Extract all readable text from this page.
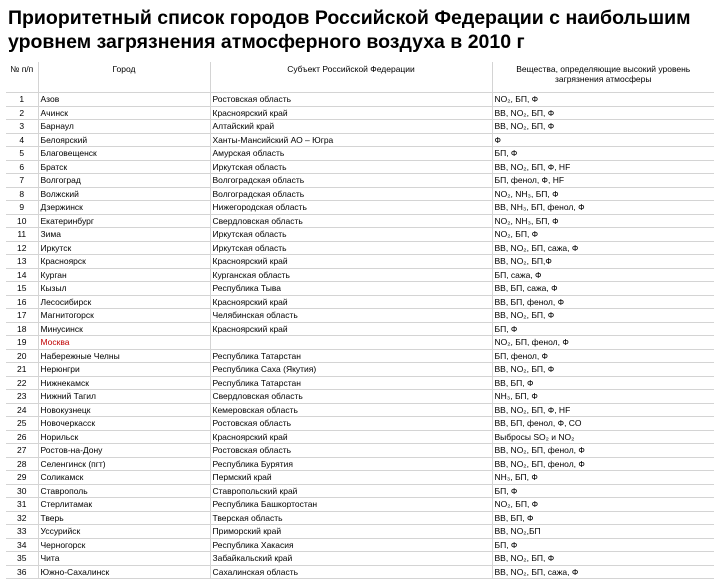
Приоритетный список городов Российской Федерации с наибольшим уровнем загрязнения атмосферного воздуха в 2010 г
№ п/п	Город	Субъект Российской Федерации	Вещества, определяющие высокий уровень загрязнения атмосферы
1	Азов	Ростовская область	NO₂, БП, Ф
2	Ачинск	Красноярский край	ВВ, NO₂, БП, Ф
3	Барнаул	Алтайский край	ВВ, NO₂, БП, Ф
4	Белоярский	Ханты-Мансийский АО – Югра	Ф
5	Благовещенск	Амурская область	БП, Ф
6	Братск	Иркутская область	ВВ, NO₂, БП, Ф, HF
7	Волгоград	Волгоградская область	БП, фенол, Ф, HF
8	Волжский	Волгоградская область	NO₂, NH₃, БП, Ф
9	Дзержинск	Нижегородская область	ВВ, NH₃, БП, фенол, Ф
10	Екатеринбург	Свердловская область	NO₂, NH₃, БП, Ф
11	Зима	Иркутская область	NO₂, БП, Ф
12	Иркутск	Иркутская область	ВВ, NO₂, БП, сажа, Ф
13	Красноярск	Красноярский край	ВВ, NO₂, БП,Ф
14	Курган	Курганская область	БП, сажа, Ф
15	Кызыл	Республика Тыва	ВВ, БП, сажа, Ф
16	Лесосибирск	Красноярский край	ВВ, БП, фенол, Ф
17	Магнитогорск	Челябинская область	ВВ, NO₂, БП, Ф
18	Минусинск	Красноярский край	БП, Ф
19	Москва		NO₂, БП, фенол, Ф
20	Набережные Челны	Республика Татарстан	БП, фенол, Ф
21	Нерюнгри	Республика Саха (Якутия)	ВВ, NO₂, БП, Ф
22	Нижнекамск	Республика Татарстан	ВВ, БП, Ф
23	Нижний Тагил	Свердловская область	NH₃, БП, Ф
24	Новокузнецк	Кемеровская область	ВВ, NO₂, БП, Ф, HF
25	Новочеркасск	Ростовская область	ВВ, БП, фенол, Ф, CO
26	Норильск	Красноярский край	Выбросы SO₂ и NO₂
27	Ростов-на-Дону	Ростовская область	ВВ, NO₂, БП, фенол, Ф
28	Селенгинск (пгт)	Республика Бурятия	ВВ, NO₂, БП, фенол, Ф
29	Соликамск	Пермский край	NH₃, БП, Ф
30	Ставрополь	Ставропольский край	БП, Ф
31	Стерлитамак	Республика Башкортостан	NO₂, БП, Ф
32	Тверь	Тверская область	ВВ, БП, Ф
33	Уссурийск	Приморский край	ВВ, NO₂,БП
34	Черногорск	Республика Хакасия	БП, Ф
35	Чита	Забайкальский край	ВВ, NO₂, БП, Ф
36	Южно-Сахалинск	Сахалинская область	ВВ, NO₂, БП, сажа, Ф
